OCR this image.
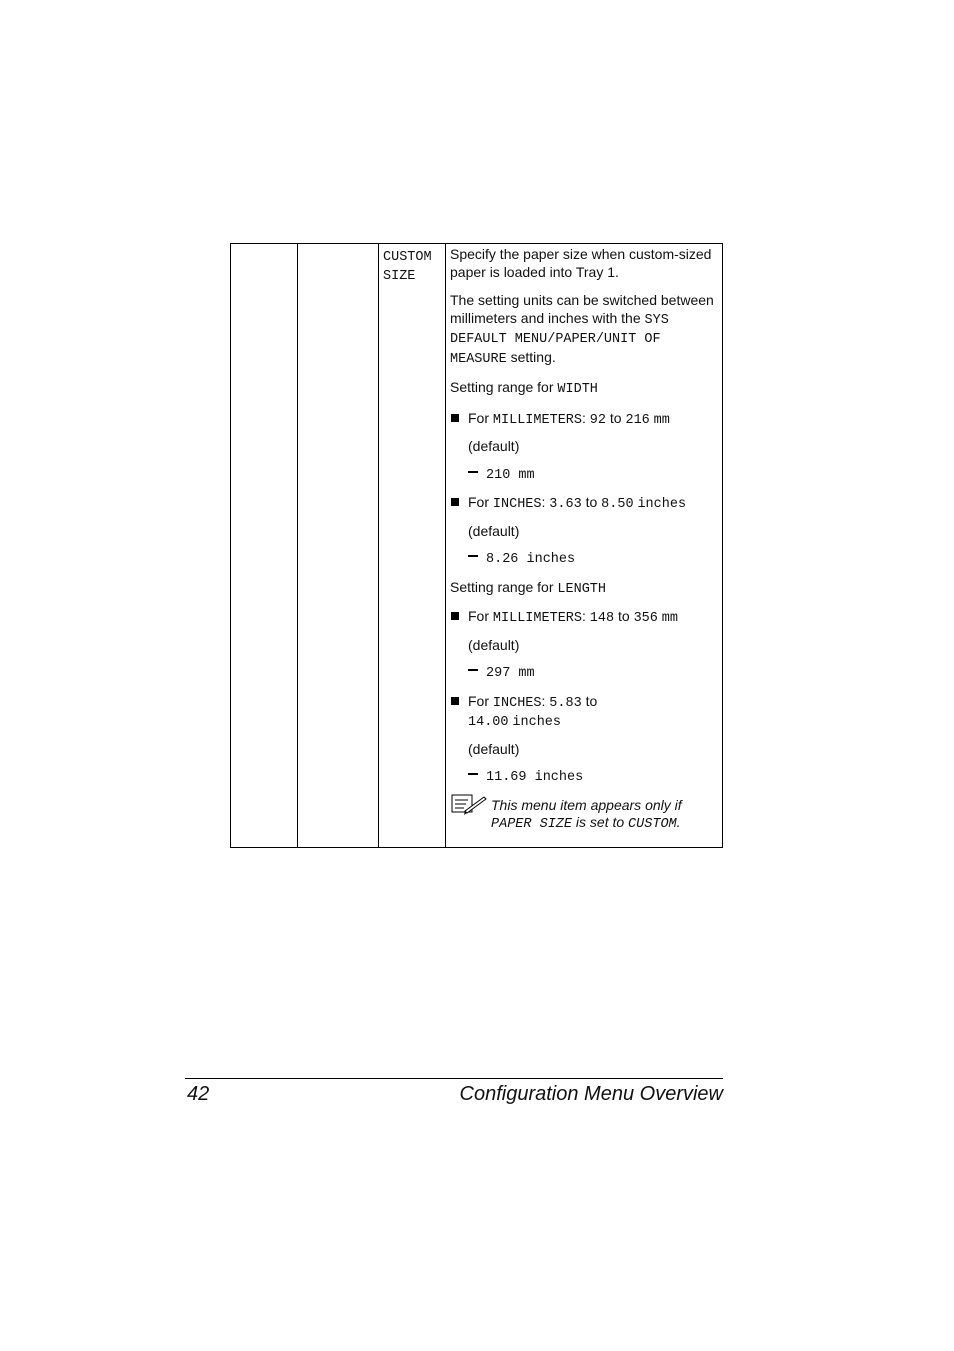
CUSTOM
SIZE

Specify the paper size when custom-sized paper is loaded into Tray 1.

The setting units can be switched between millimeters and inches with the SYS DEFAULT MENU/PAPER/UNIT OF MEASURE setting.

Setting range for WIDTH

For MILLIMETERS: 92 to 216 mm
(default)
210 mm
For INCHES: 3.63 to 8.50 inches
(default)
8.26 inches

Setting range for LENGTH

For MILLIMETERS: 148 to 356 mm
(default)
297 mm
For INCHES: 5.83 to
14.00 inches
(default)
11.69 inches
This menu item appears only if PAPER SIZE is set to CUSTOM.
42	Configuration Menu Overview
